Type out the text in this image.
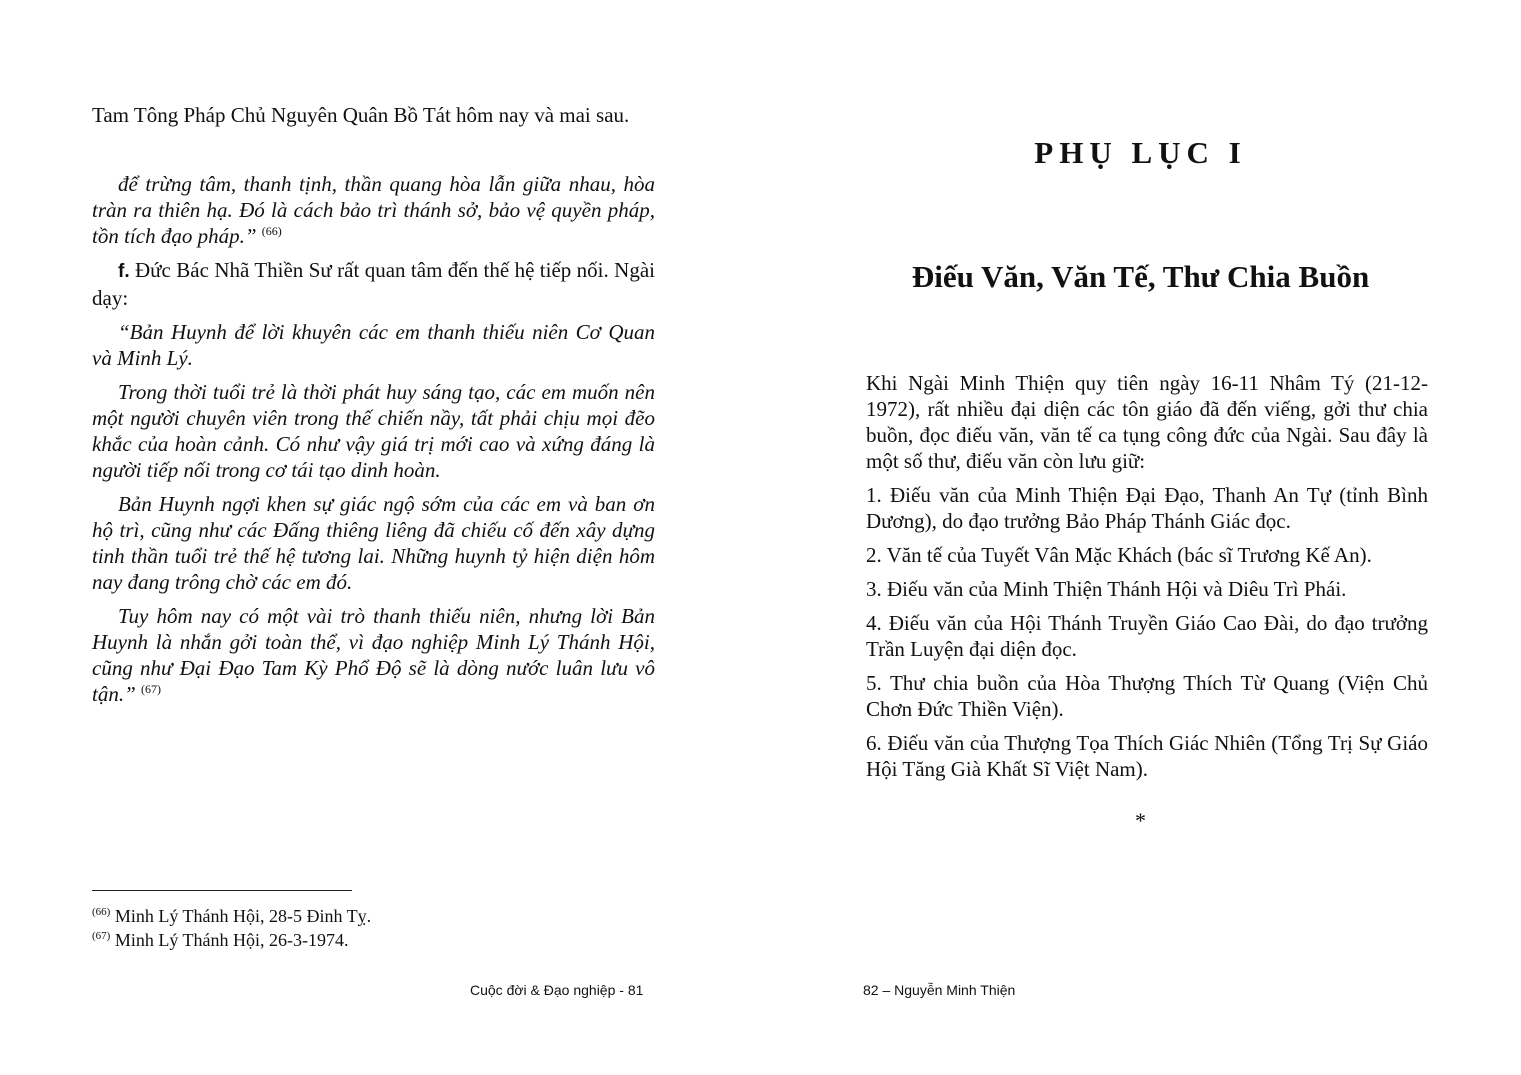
Tam Tông Pháp Chủ Nguyên Quân Bồ Tát hôm nay và mai sau.

để trừng tâm, thanh tịnh, thần quang hòa lẫn giữa nhau, hòa tràn ra thiên hạ. Đó là cách bảo trì thánh sở, bảo vệ quyền pháp, tồn tích đạo pháp.” $^{(66)}$

f. Đức Bác Nhã Thiền Sư rất quan tâm đến thế hệ tiếp nối. Ngài dạy:

“Bản Huynh để lời khuyên các em thanh thiếu niên Cơ Quan và Minh Lý.

Trong thời tuổi trẻ là thời phát huy sáng tạo, các em muốn nên một người chuyên viên trong thế chiến nầy, tất phải chịu mọi đẽo khắc của hoàn cảnh. Có như vậy giá trị mới cao và xứng đáng là người tiếp nối trong cơ tái tạo dinh hoàn.

Bản Huynh ngợi khen sự giác ngộ sớm của các em và ban ơn hộ trì, cũng như các Đấng thiêng liêng đã chiếu cố đến xây dựng tinh thần tuổi trẻ thế hệ tương lai. Những huynh tỷ hiện diện hôm nay đang trông chờ các em đó.

Tuy hôm nay có một vài trò thanh thiếu niên, nhưng lời Bản Huynh là nhắn gởi toàn thể, vì đạo nghiệp Minh Lý Thánh Hội, cũng như Đại Đạo Tam Kỳ Phổ Độ sẽ là dòng nước luân lưu vô tận.” $^{(67)}$

$^{(66)}$ Minh Lý Thánh Hội, 28-5 Đinh Tỵ.

$^{(67)}$ Minh Lý Thánh Hội, 26-3-1974.

Cuộc đời & Đạo nghiệp - 81
PHỤ LỤC I
Điếu Văn, Văn Tế, Thư Chia Buồn

Khi Ngài Minh Thiện quy tiên ngày 16-11 Nhâm Tý (21-12-1972), rất nhiều đại diện các tôn giáo đã đến viếng, gởi thư chia buồn, đọc điếu văn, văn tế ca tụng công đức của Ngài. Sau đây là một số thư, điếu văn còn lưu giữ:

1. Điếu văn của Minh Thiện Đại Đạo, Thanh An Tự (tỉnh Bình Dương), do đạo trưởng Bảo Pháp Thánh Giác đọc.

2. Văn tế của Tuyết Vân Mặc Khách (bác sĩ Trương Kế An).

3. Điếu văn của Minh Thiện Thánh Hội và Diêu Trì Phái.

4. Điếu văn của Hội Thánh Truyền Giáo Cao Đài, do đạo trưởng Trần Luyện đại diện đọc.

5. Thư chia buồn của Hòa Thượng Thích Từ Quang (Viện Chủ Chơn Đức Thiền Viện).

6. Điếu văn của Thượng Tọa Thích Giác Nhiên (Tổng Trị Sự Giáo Hội Tăng Già Khất Sĩ Việt Nam).

*
82 – Nguyễn Minh Thiện
